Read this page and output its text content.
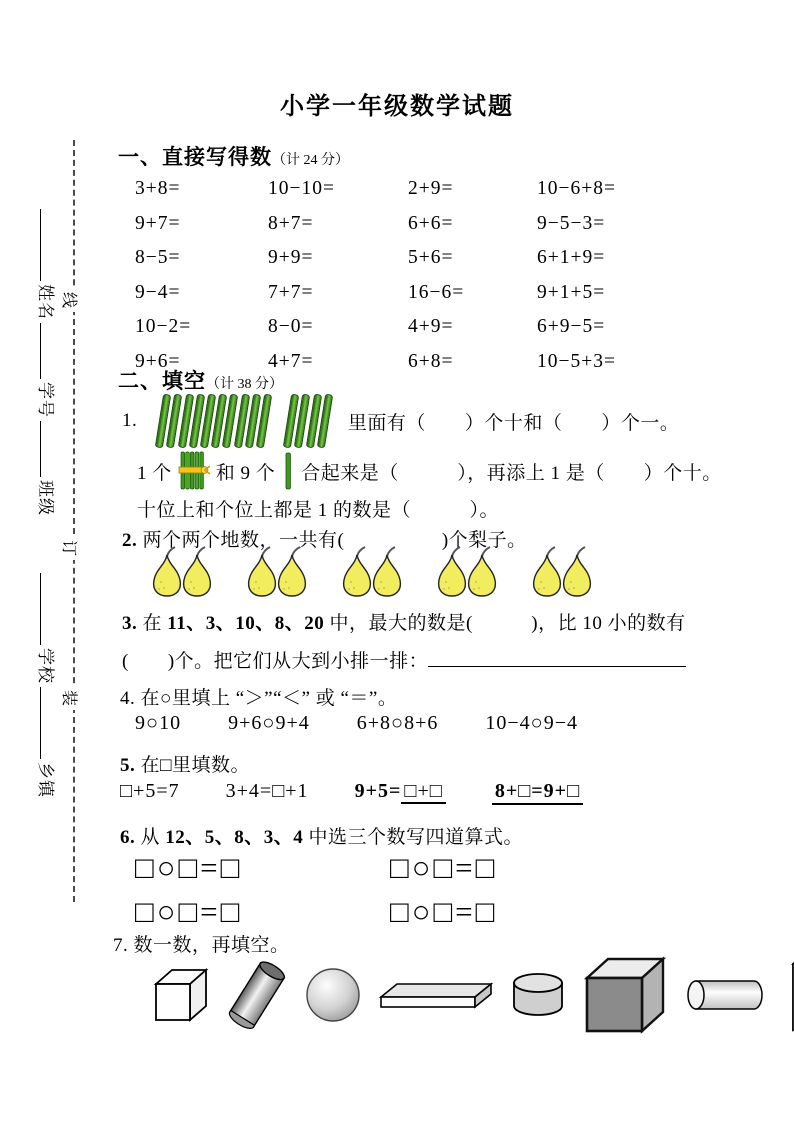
姓名学号班级
学校乡镇
线
订
装
小学一年级数学试题
一、直接写得数（计 24 分）
3+8=	10−10=	2+9=	10−6+8=
9+7=	8+7=	6+6=	9−5−3=
8−5=	9+9=	5+6=	6+1+9=
9−4=	7+7=	16−6=	9+1+5=
10−2=	8−0=	4+9=	6+9−5=
9+6=	4+7=	6+8=	10−5+3=
二、填空（计 38 分）
1.	里面有（　　）个十和（　　）个一。
1 个 和 9 个 合起来是（　　　），再添上 1 是（　　）个十。
十位上和个位上都是 1 的数是（　　　）。
2. 两个两个地数，一共有(　　　　　)个梨子。
3. 在 11、3、10、8、20 中，最大的数是(　　　)，比 10 小的数有
(　　)个。把它们从大到小排一排：
4. 在○里填上 “＞”“＜” 或 “＝”。
9○10 9+6○9+4 6+8○8+6 10−4○9−4
5. 在□里填数。
□+5=7 3+4=□+1 9+5= □+□	8+□=9+□
6. 从 12、5、8、3、4 中选三个数写四道算式。
□○□=□	□○□=□
□○□=□	□○□=□
7. 数一数，再填空。
